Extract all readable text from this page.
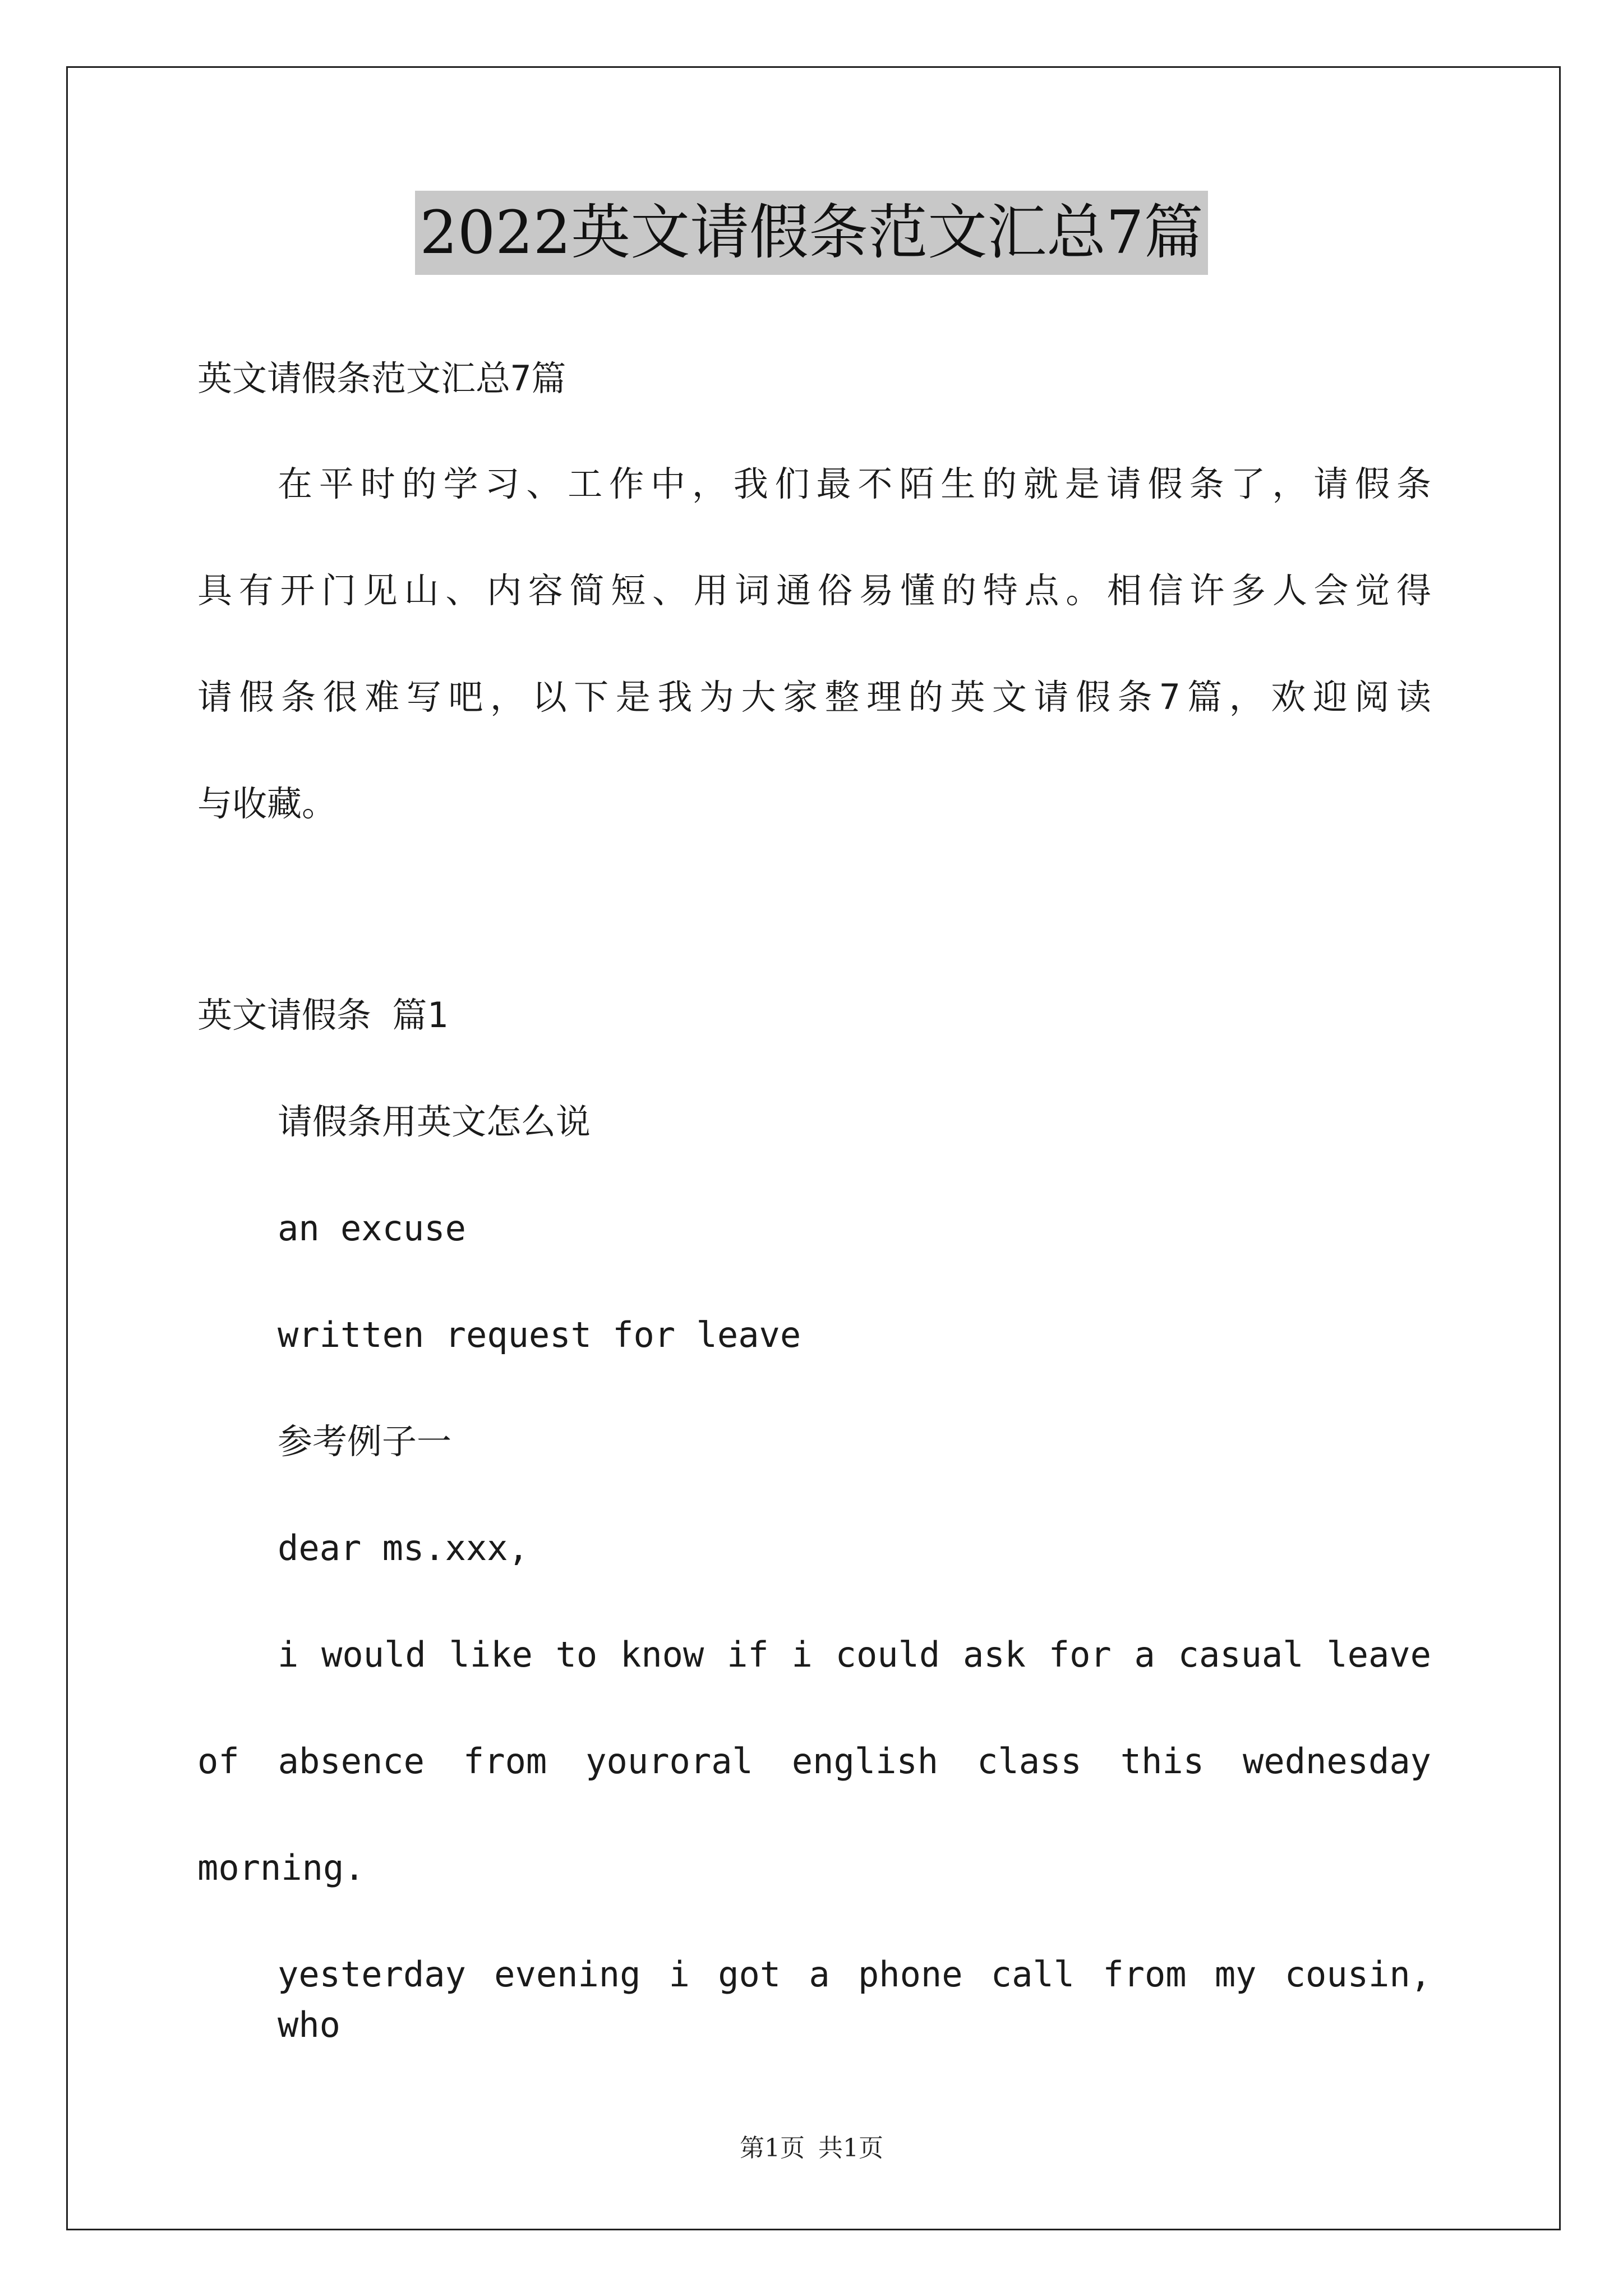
2022英文请假条范文汇总7篇
英文请假条范文汇总7篇
在平时的学习、工作中，我们最不陌生的就是请假条了，请假条
具有开门见山、内容简短、用词通俗易懂的特点。相信许多人会觉得
请假条很难写吧，以下是我为大家整理的英文请假条7篇，欢迎阅读
与收藏。
英文请假条 篇1
请假条用英文怎么说
an excuse
written request for leave
参考例子一
dear ms.xxx,
i would like to know if i could ask for a casual leave
of absence from youroral english class this wednesday
morning.
yesterday evening i got a phone call from my cousin, who
第1页 共1页
